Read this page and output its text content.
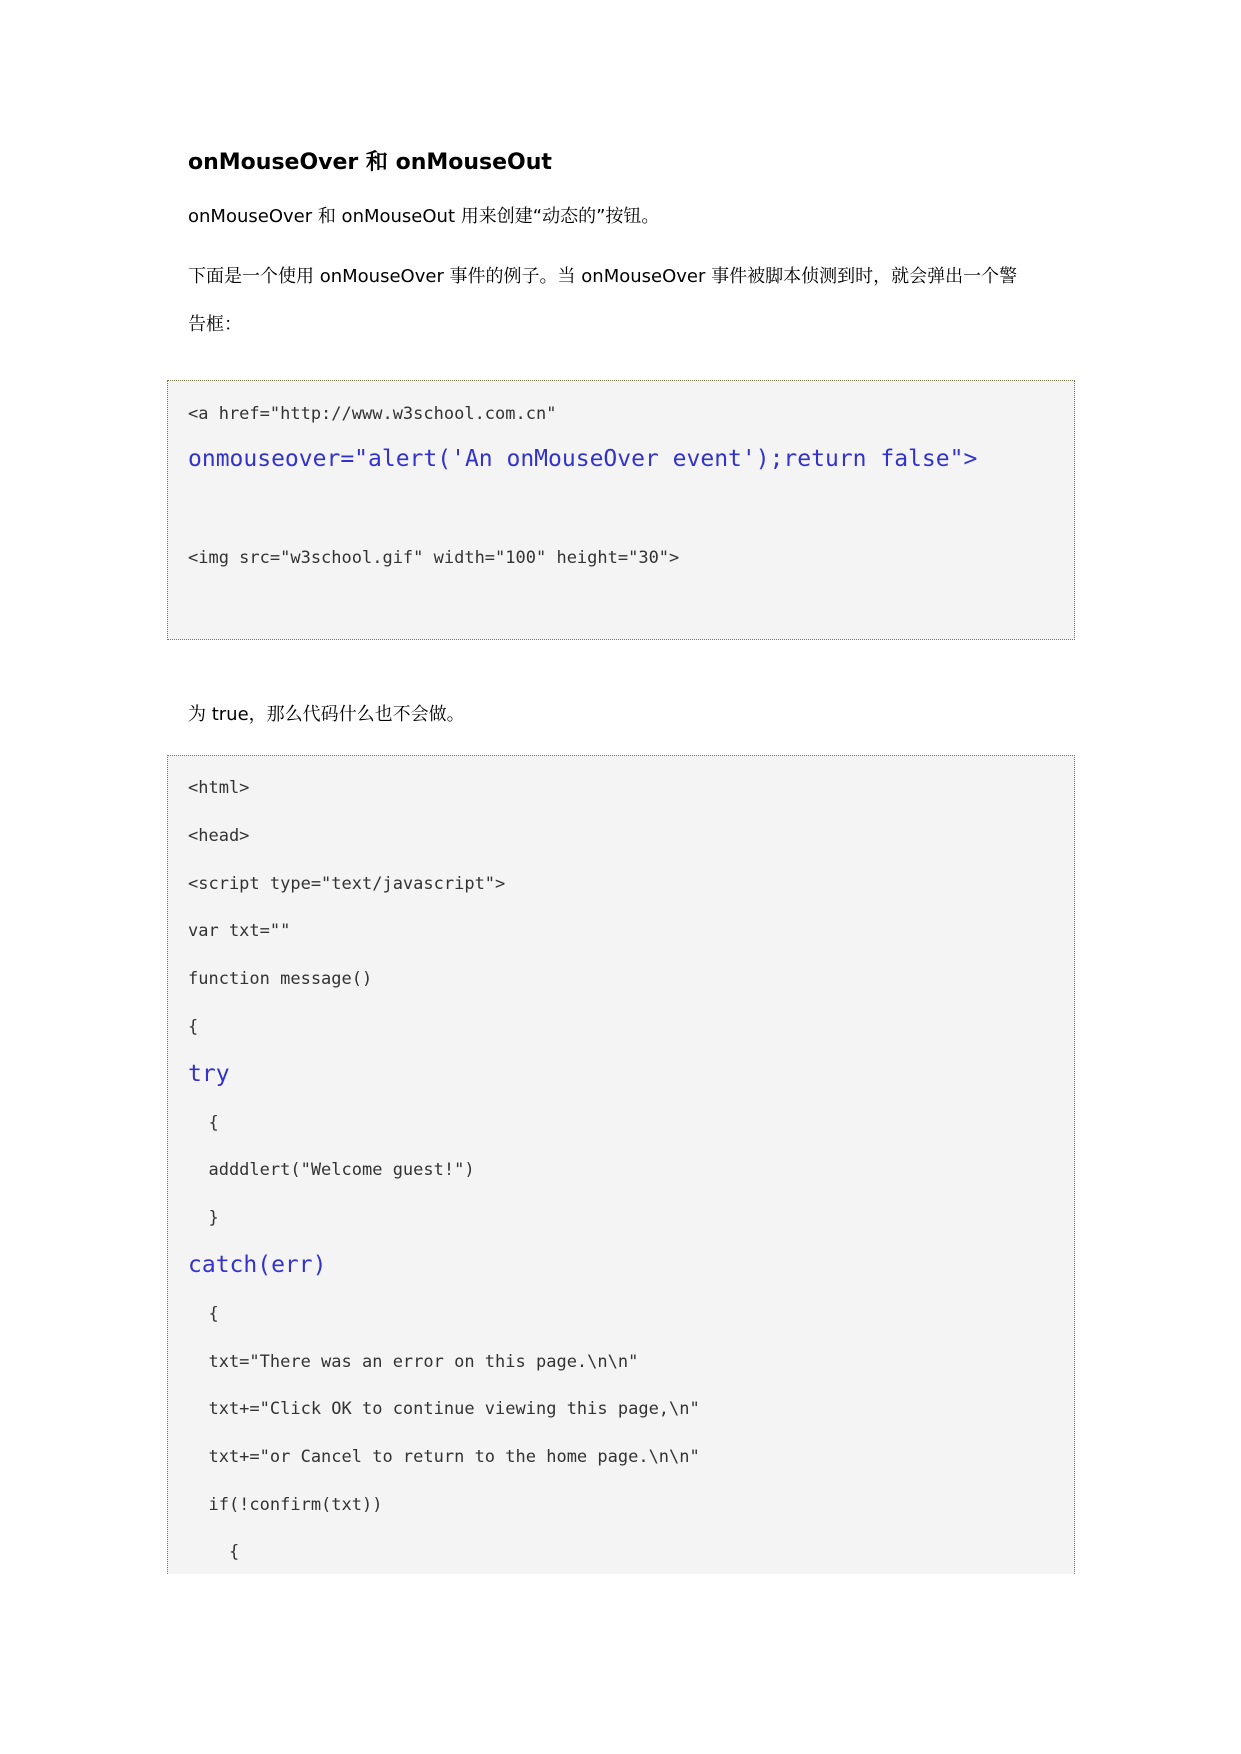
onMouseOver 和 onMouseOut

onMouseOver 和 onMouseOut 用来创建“动态的”按钮。

下面是一个使用 onMouseOver 事件的例子。当 onMouseOver 事件被脚本侦测到时，就会弹出一个警

告框：

<a href="http://www.w3school.com.cn"
onmouseover="alert('An onMouseOver event');return false">
<img src="w3school.gif" width="100" height="30">

为 true，那么代码什么也不会做。

<html>
<head>
<script type="text/javascript">
var txt=""
function message()
{
try
{
adddlert("Welcome guest!")
}
catch(err)
{
txt="There was an error on this page.\n\n"
txt+="Click OK to continue viewing this page,\n"
txt+="or Cancel to return to the home page.\n\n"
if(!confirm(txt))
{
